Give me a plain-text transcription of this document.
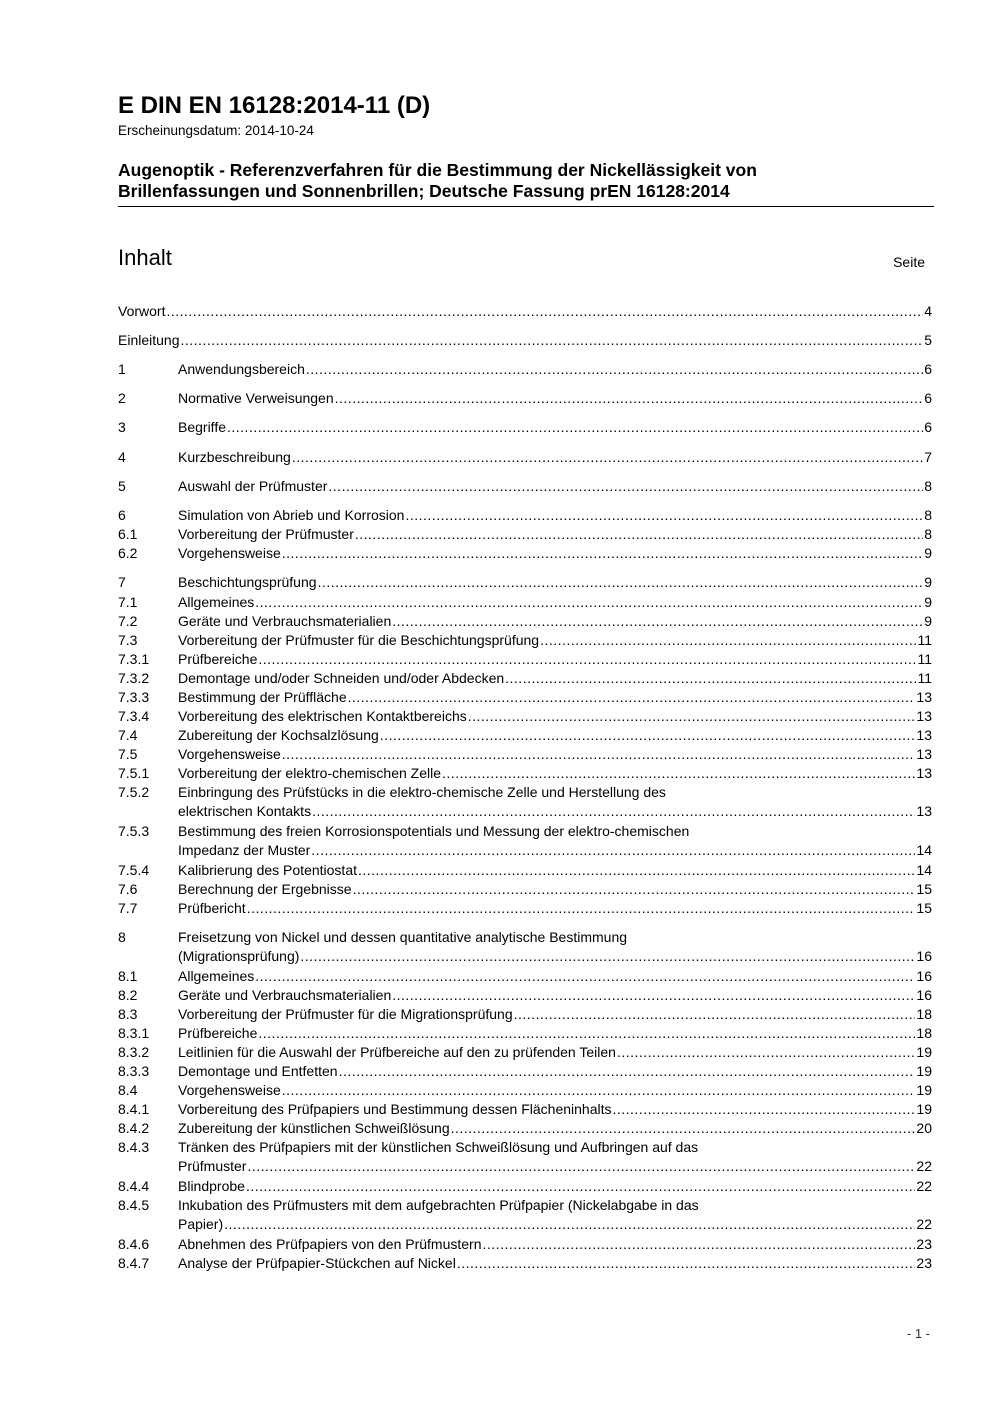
E DIN EN 16128:2014-11 (D)
Erscheinungsdatum: 2014-10-24
Augenoptik - Referenzverfahren für die Bestimmung der Nickellässigkeit von
Brillenfassungen und Sonnenbrillen; Deutsche Fassung prEN 16128:2014
Inhalt	Seite
Vorwort .....	4
Einleitung .....	5
1	Anwendungsbereich .....	6
2	Normative Verweisungen .....	6
3	Begriffe .....	6
4	Kurzbeschreibung .....	7
5	Auswahl der Prüfmuster .....	8
6	Simulation von Abrieb und Korrosion .....	8
6.1	Vorbereitung der Prüfmuster .....	8
6.2	Vorgehensweise .....	9
7	Beschichtungsprüfung .....	9
7.1	Allgemeines .....	9
7.2	Geräte und Verbrauchsmaterialien .....	9
7.3	Vorbereitung der Prüfmuster für die Beschichtungsprüfung .....	11
7.3.1 Prüfbereiche .....	11
7.3.2 Demontage und/oder Schneiden und/oder Abdecken .....	11
7.3.3 Bestimmung der Prüffläche .....	13
7.3.4 Vorbereitung des elektrischen Kontaktbereichs .....	13
7.4	Zubereitung der Kochsalzlösung .....	13
7.5	Vorgehensweise .....	13
7.5.1 Vorbereitung der elektro-chemischen Zelle .....	13
7.5.2 Einbringung des Prüfstücks in die elektro-chemische Zelle und Herstellung des
elektrischen Kontakts .....	13
7.5.3 Bestimmung des freien Korrosionspotentials und Messung der elektro-chemischen
Impedanz der Muster .....	14
7.5.4 Kalibrierung des Potentiostat .....	14
7.6	Berechnung der Ergebnisse .....	15
7.7	Prüfbericht .....	15
8	Freisetzung von Nickel und dessen quantitative analytische Bestimmung
(Migrationsprüfung) .....	16
8.1	Allgemeines .....	16
8.2	Geräte und Verbrauchsmaterialien .....	16
8.3	Vorbereitung der Prüfmuster für die Migrationsprüfung .....	18
8.3.1 Prüfbereiche .....	18
8.3.2 Leitlinien für die Auswahl der Prüfbereiche auf den zu prüfenden Teilen .....	19
8.3.3 Demontage und Entfetten .....	19
8.4	Vorgehensweise .....	19
8.4.1 Vorbereitung des Prüfpapiers und Bestimmung dessen Flächeninhalts .....	19
8.4.2 Zubereitung der künstlichen Schweißlösung .....	20
8.4.3 Tränken des Prüfpapiers mit der künstlichen Schweißlösung und Aufbringen auf das
Prüfmuster .....	22
8.4.4 Blindprobe .....	22
8.4.5 Inkubation des Prüfmusters mit dem aufgebrachten Prüfpapier (Nickelabgabe in das
Papier) .....	22
8.4.6 Abnehmen des Prüfpapiers von den Prüfmustern .....	23
8.4.7 Analyse der Prüfpapier-Stückchen auf Nickel .....	23
- 1 -
